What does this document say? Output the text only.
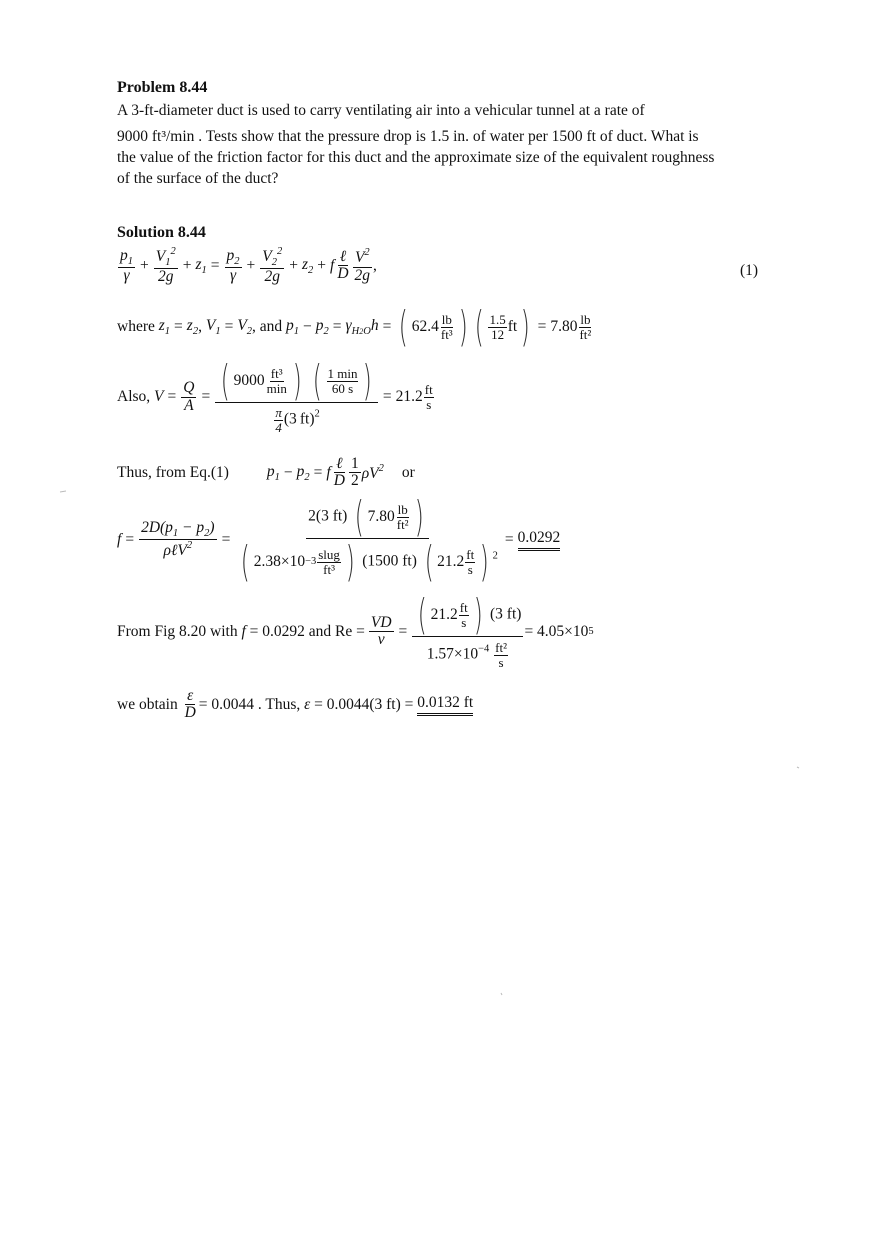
Problem 8.44
A 3-ft-diameter duct is used to carry ventilating air into a vehicular tunnel at a rate of
9000 ft³/min . Tests show that the pressure drop is 1.5 in. of water per 1500 ft of duct. What is
the value of the friction factor for this duct and the approximate size of the equivalent roughness
of the surface of the duct?
Solution 8.44
$\frac{p_1}{\gamma} + \frac{V_1^2}{2g} + z_1 = \frac{p_2}{\gamma} + \frac{V_2^2}{2g} + z_2 + f \frac{\text{ℓ}}{D} \frac{V^2}{2g}$ ,	(1)
where
$z_1 = z_2$ , $V_1 = V_2$ , and
$p_1 - p_2 = \gamma_{H2O}h$ = ( $62.4 \frac{lb}{\text{ft³}}$ ) ( $\frac{1.5}{12}$ ft ) = $7.80 \frac{lb}{\text{ft²}}$
Also,
$V = \frac{Q}{A}$ = ( $9000 \frac{\text{ft³}}{\min}$ )
( $\frac{1 \min}{60 s}$ )
$\frac{\pi}{4} (3$ ft)$^2$
= $21.2 \frac{ft}{s}$
Thus, from Eq.(1) $p_1 - p_2 = f \frac{\text{ℓ}}{D} \frac{1}{2} \rho V^2$ or
$f = \frac{2D(p_1 - p_2)}{\rho\ell V^2}$ =
2(3 ft) ( $7.80 \frac{lb}{\text{ft²}}$ )
( $2.38\times 10 -3 \frac{\text{slug}}{\text{ft³}}$ ) (1500 ft) ( $21.2 \frac{ft}{s}$ ) $^2$
= 0.0292
From Fig 8.20 with
f
= 0.0292
and $Re = \frac{VD}{\nu}$ = ( $21.2 \frac{ft}{s}$ ) (3 ft)
$1.57\times 10^{-4} \frac{\text{ft²}}{s}$
= 4.05×10 5
we obtain
$\frac{\varepsilon}{D} = 0.0044$ . Thus,
ε
= 0.0044(3 ft) =
0.0132 ft
